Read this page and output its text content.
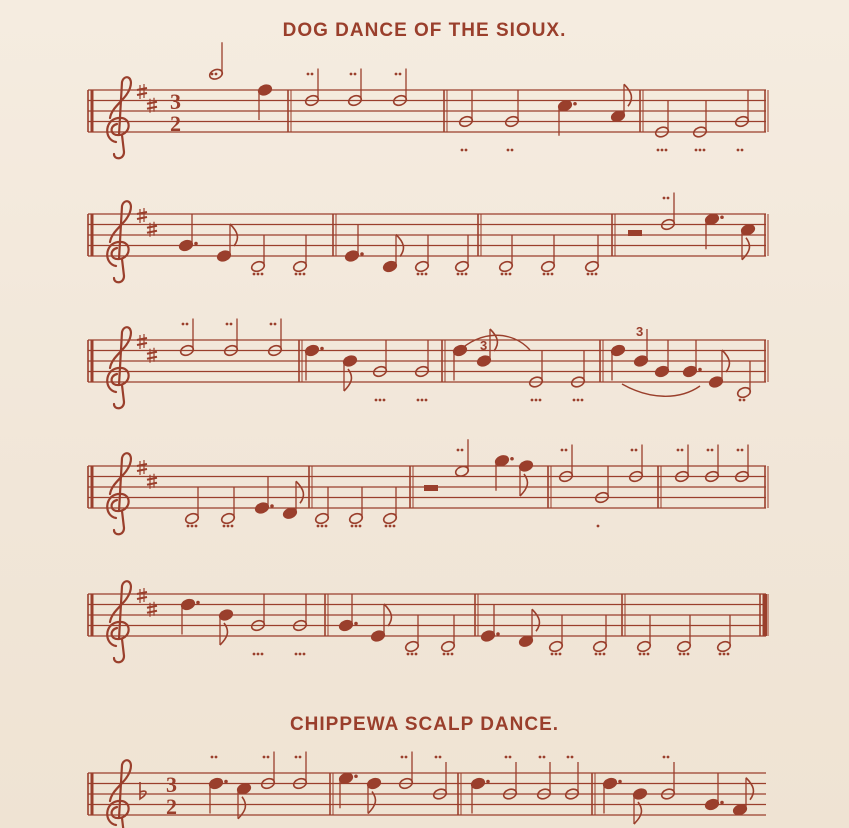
DOG DANCE OF THE SIOUX.
CHIPPEWA SCALP DANCE.
3
2
3
2
3
3
